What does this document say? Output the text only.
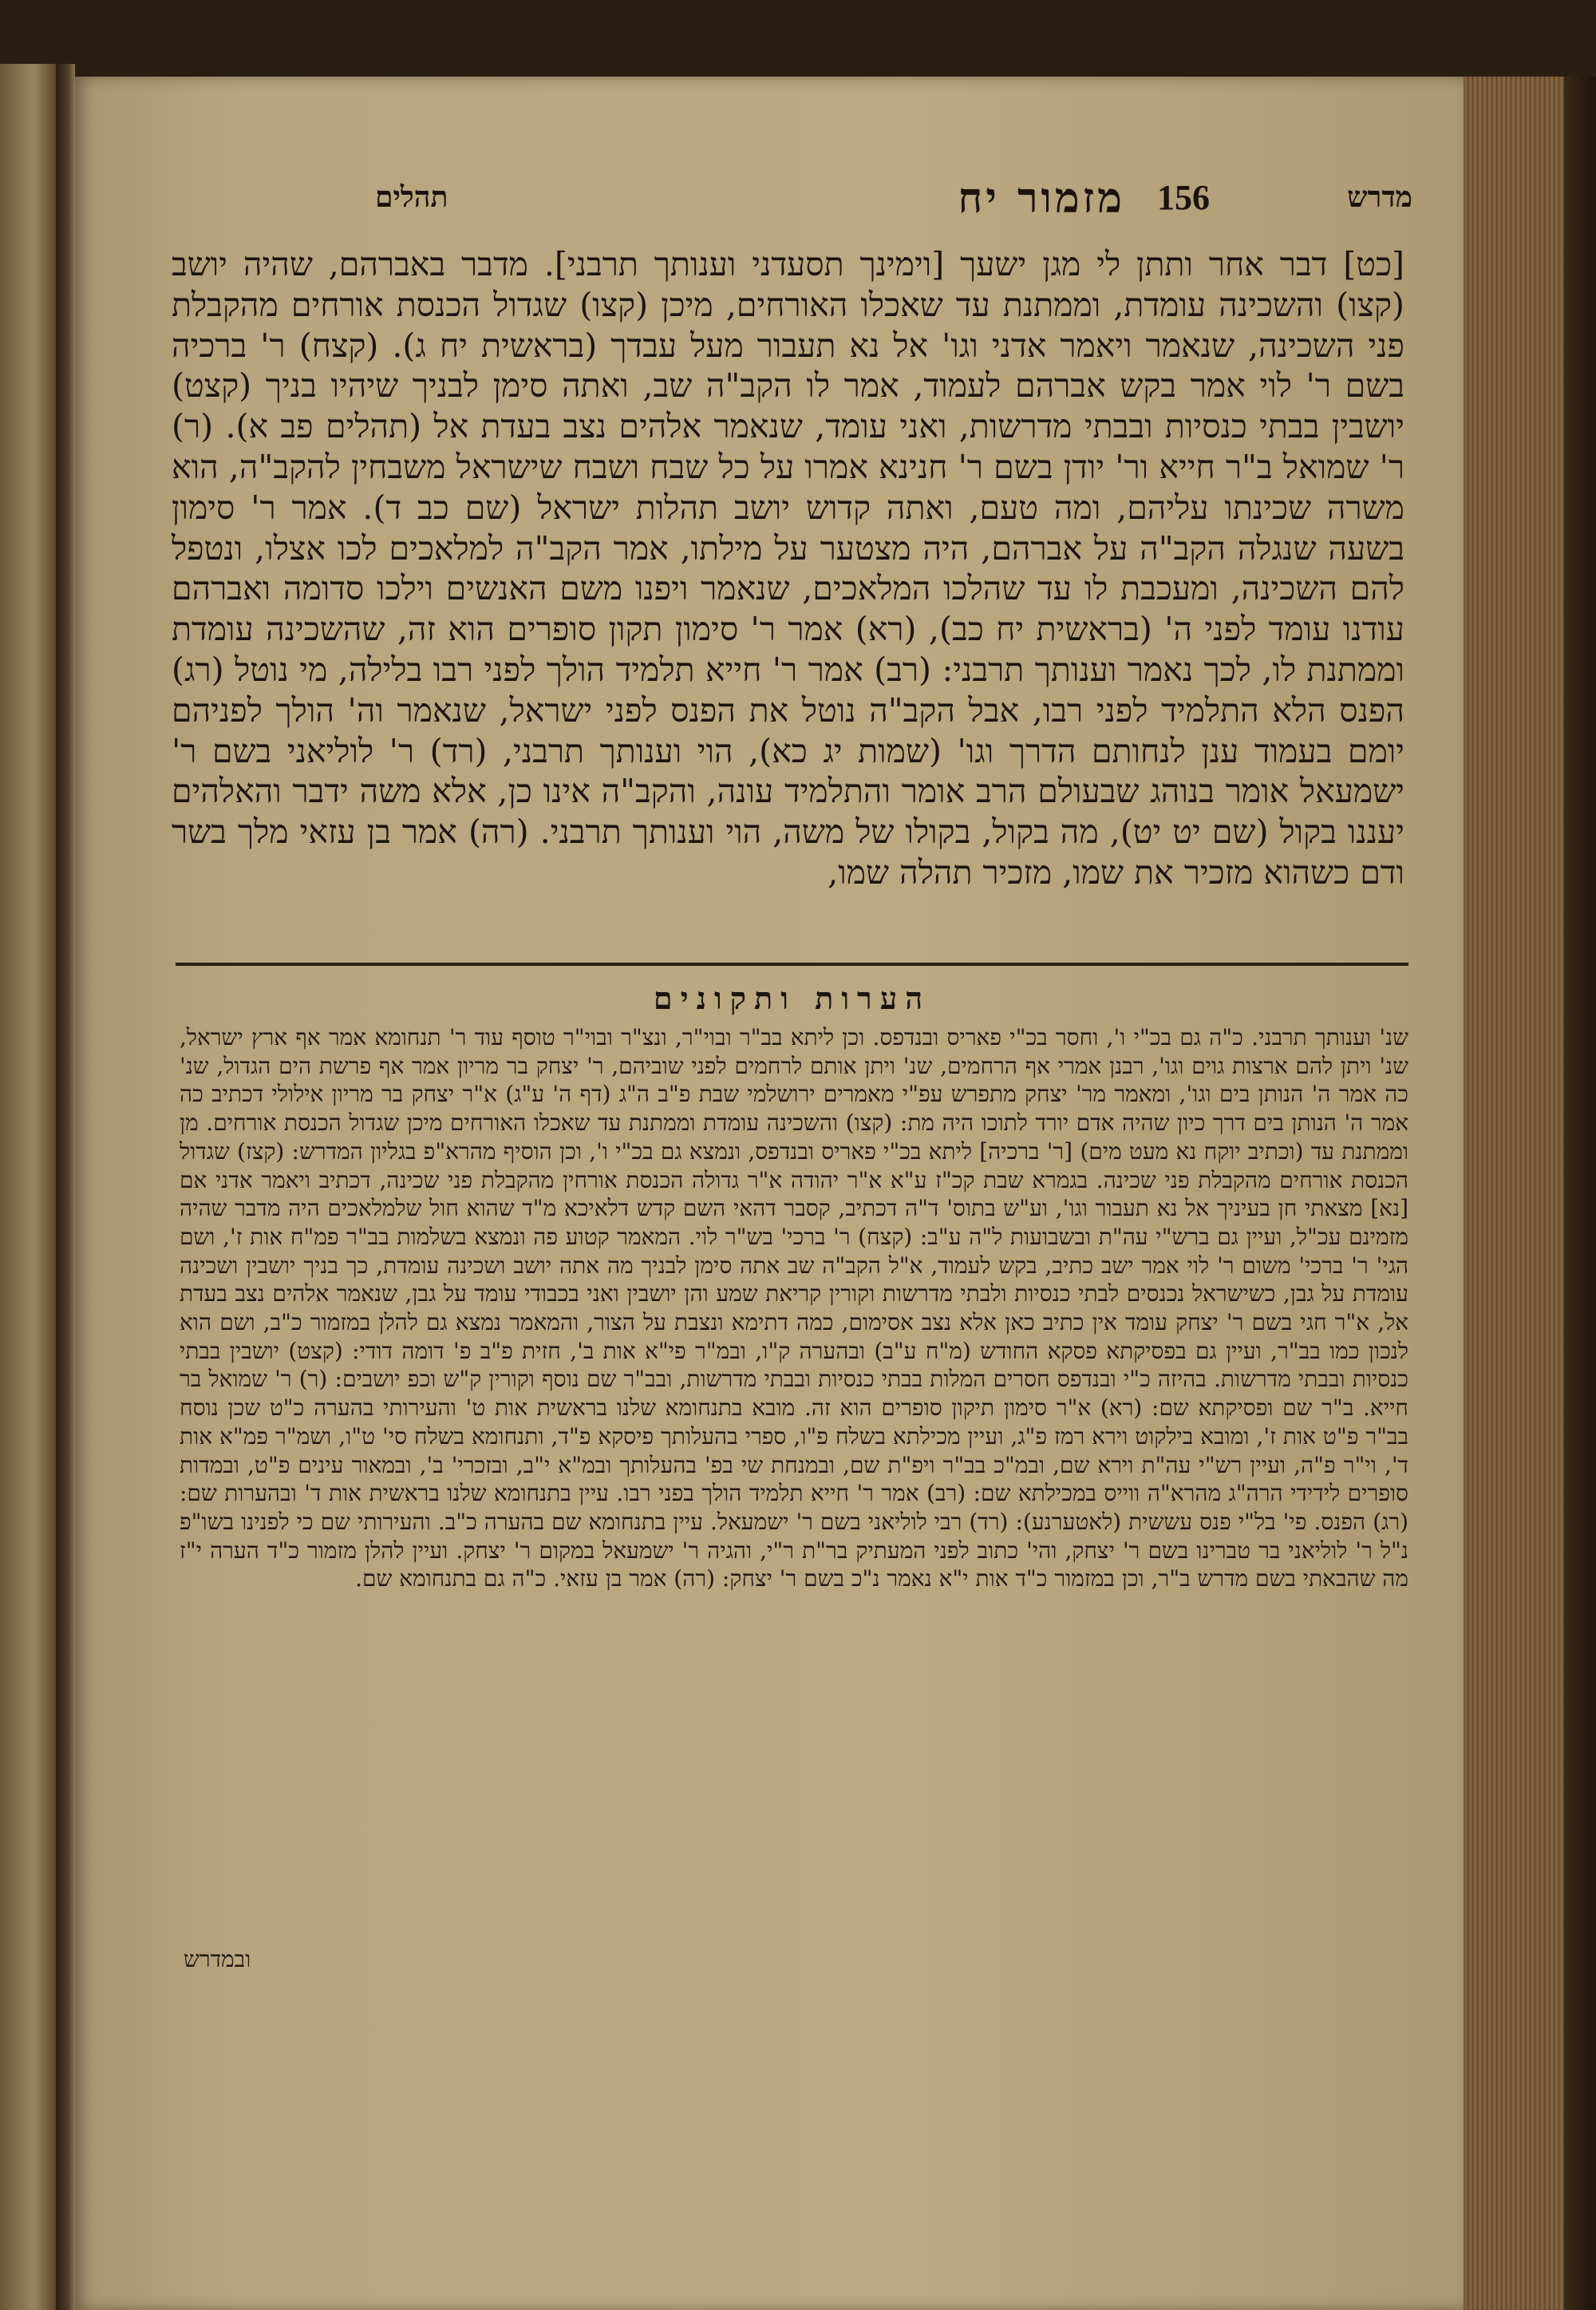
מדרש
מזמור יח
תהלים	156

[כט] דבר אחר ותתן לי מגן ישעך [וימינך תסעדני וענותך תרבני]. מדבר באברהם, שהיה יושב (קצו) והשכינה עומדת, וממתנת עד שאכלו האורחים, מיכן (קצו) שגדול הכנסת אורחים מהקבלת פני השכינה, שנאמר ויאמר אדני וגו' אל נא תעבור מעל עבדך (בראשית יח ג). (קצח) ר' ברכיה בשם ר' לוי אמר בקש אברהם לעמוד, אמר לו הקב"ה שב, ואתה סימן לבניך שיהיו בניך (קצט) יושבין בבתי כנסיות ובבתי מדרשות, ואני עומד, שנאמר אלהים נצב בעדת אל (תהלים פב א). (ר) ר' שמואל ב"ר חייא ור' יודן בשם ר' חנינא אמרו על כל שבח ושבח שישראל משבחין להקב"ה, הוא משרה שכינתו עליהם, ומה טעם, ואתה קדוש יושב תהלות ישראל (שם כב ד). אמר ר' סימון בשעה שנגלה הקב"ה על אברהם, היה מצטער על מילתו, אמר הקב"ה למלאכים לכו אצלו, ונטפל להם השכינה, ומעכבת לו עד שהלכו המלאכים, שנאמר ויפנו משם האנשים וילכו סדומה ואברהם עודנו עומד לפני ה' (בראשית יח כב), (רא) אמר ר' סימון תקון סופרים הוא זה, שהשכינה עומדת וממתנת לו, לכך נאמר וענותך תרבני: (רב) אמר ר' חייא תלמיד הולך לפני רבו בלילה, מי נוטל (רג) הפנס הלא התלמיד לפני רבו, אבל הקב"ה נוטל את הפנס לפני ישראל, שנאמר וה' הולך לפניהם יומם בעמוד ענן לנחותם הדרך וגו' (שמות יג כא), הוי וענותך תרבני, (רד) ר' לוליאני בשם ר' ישמעאל אומר בנוהג שבעולם הרב אומר והתלמיד עונה, והקב"ה אינו כן, אלא משה ידבר והאלהים יעננו בקול (שם יט יט), מה בקול, בקולו של משה, הוי וענותך תרבני. (רה) אמר בן עזאי מלך בשר ודם כשהוא מזכיר את שמו, מזכיר תהלה שמו,

הערות ותקונים

שנ' וענותך תרבני. כ"ה גם בכ"י ו', וחסר בכ"י פאריס ובנדפס. וכן ליתא בב"ר ובוי"ר, ונצ"ר ובוי"ר טוסף עוד ר' תנחומא אמר אף ארץ ישראל, שנ' ויתן להם ארצות גוים וגו', רבנן אמרי אף הרחמים, שנ' ויתן אותם לרחמים לפני שוביהם, ר' יצחק בר מריון אמר אף פרשת הים הגדול, שנ' כה אמר ה' הנותן בים וגו', ומאמר מר' יצחק מתפרש עפ"י מאמרים ירושלמי שבת פ"ב ה"ג (דף ה' ע"ג) א"ר יצחק בר מריון אילולי דכתיב כה אמר ה' הנותן בים דרך כיון שהיה אדם יורד לתוכו היה מת: (קצו) והשכינה עומדת וממתנת עד שאכלו האורחים מיכן שגדול הכנסת אורחים. מן וממתנת עד (וכתיב יוקח נא מעט מים) [ר' ברכיה] ליתא בכ"י פאריס ובנדפס, ונמצא גם בכ"י ו', וכן הוסיף מהרא"פ בגליון המדרש: (קצז) שגדול הכנסת אורחים מהקבלת פני שכינה. בגמרא שבת קכ"ז ע"א א"ר יהודה א"ר גדולה הכנסת אורחין מהקבלת פני שכינה, דכתיב ויאמר אדני אם [נא] מצאתי חן בעיניך אל נא תעבור וגו', וע"ש בתוס' ד"ה דכתיב, קסבר דהאי השם קדש דלאיכא מ"ד שהוא חול שלמלאכים היה מדבר שהיה מזמינם עכ"ל, ועיין גם ברש"י עה"ת ובשבועות ל"ה ע"ב: (קצח) ר' ברכי' בש"ר לוי. המאמר קטוע פה ונמצא בשלמות בב"ר פמ"ח אות ז', ושם הגי' ר' ברכי' משום ר' לוי אמר ישב כתיב, בקש לעמוד, א"ל הקב"ה שב אתה סימן לבניך מה אתה יושב ושכינה עומדת, כך בניך יושבין ושכינה עומדת על גבן, כשישראל נכנסים לבתי כנסיות ולבתי מדרשות וקורין קריאת שמע והן יושבין ואני בכבודי עומד על גבן, שנאמר אלהים נצב בעדת אל, א"ר חגי בשם ר' יצחק עומד אין כתיב כאן אלא נצב אסימום, כמה דתימא ונצבת על הצור, והמאמר נמצא גם להלן במזמור כ"ב, ושם הוא לנכון כמו בב"ר, ועיין גם בפסיקתא פסקא החודש (מ"ח ע"ב) ובהערה ק"ו, ובמ"ר פי"א אות ב', חזית פ"ב פ' דומה דודי: (קצט) יושבין בבתי כנסיות ובבתי מדרשות. בהיזה כ"י ובנדפס חסרים המלות בבתי כנסיות ובבתי מדרשות, ובב"ר שם נוסף וקורין ק"ש וכפ יושבים: (ר) ר' שמואל בר חייא. ב"ר שם ופסיקתא שם: (רא) א"ר סימון תיקון סופרים הוא זה. מובא בתנחומא שלנו בראשית אות ט' והעירותי בהערה כ"ט שכן נוסח בב"ר פ"ט אות ז', ומובא בילקוט וירא רמז פ"ג, ועיין מכילתא בשלח פ"ו, ספרי בהעלותך פיסקא פ"ד, ותנחומא בשלח סי' ט"ו, ושמ"ר פמ"א אות ד', וי"ר פ"ה, ועיין רש"י עה"ת וירא שם, ובמ"כ בב"ר ויפ"ת שם, ובמנחת שי בפ' בהעלותך ובמ"א י"ב, ובזכרי' ב', ובמאור עינים פ"ט, ובמדות סופרים לידידי הרה"ג מהרא"ה ווייס במכילתא שם: (רב) אמר ר' חייא תלמיד הולך בפני רבו. עיין בתנחומא שלנו בראשית אות ד' ובהערות שם: (רג) הפנס. פי' בל"י פנס עששית (לאטערנע): (רד) רבי לוליאני בשם ר' ישמעאל. עיין בתנחומא שם בהערה כ"ב. והעירותי שם כי לפנינו בשו"פ נ"ל ר' לוליאני בר טברינו בשם ר' יצחק, והי' כתוב לפני המעתיק בר"ת ר"י, והגיה ר' ישמעאל במקום ר' יצחק. ועיין להלן מזמור כ"ד הערה י"ז מה שהבאתי בשם מדרש ב"ר, וכן במזמור כ"ד אות י"א נאמר נ"כ בשם ר' יצחק: (רה) אמר בן עזאי. כ"ה גם בתנחומא שם.

ובמדרש
